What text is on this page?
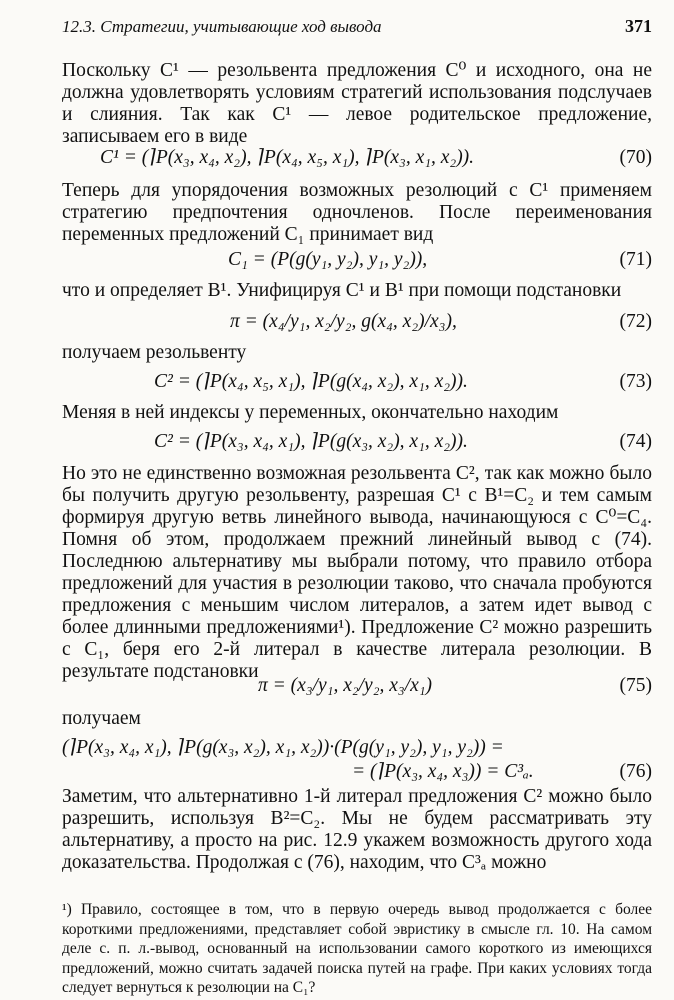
12.3. Стратегии, учитывающие ход вывода	371
Поскольку C¹ — резольвента предложения C⁰ и исходного, она не должна удовлетворять условиям стратегий использования подслучаев и слияния. Так как C¹ — левое родительское предложение, записываем его в виде
C¹ = (⌉P(x₃, x₄, x₂), ⌉P(x₄, x₅, x₁), ⌉P(x₃, x₁, x₂)).	(70)
Теперь для упорядочения возможных резолюций с C¹ применяем стратегию предпочтения одночленов. После переименования переменных предложений C₁ принимает вид
C₁ = (P(g(y₁, y₂), y₁, y₂)),	(71)
что и определяет B¹. Унифицируя C¹ и B¹ при помощи подстановки
π = (x₄/y₁, x₂/y₂, g(x₄, x₂)/x₃),	(72)
получаем резольвенту
C² = (⌉P(x₄, x₅, x₁), ⌉P(g(x₄, x₂), x₁, x₂)).	(73)
Меняя в ней индексы у переменных, окончательно находим
C² = (⌉P(x₃, x₄, x₁), ⌉P(g(x₃, x₂), x₁, x₂)).	(74)
Но это не единственно возможная резольвента C², так как можно было бы получить другую резольвенту, разрешая C¹ с B¹=C₂ и тем самым формируя другую ветвь линейного вывода, начинающуюся с C⁰=C₄. Помня об этом, продолжаем прежний линейный вывод с (74). Последнюю альтернативу мы выбрали потому, что правило отбора предложений для участия в резолюции таково, что сначала пробуются предложения с меньшим числом литералов, а затем идет вывод с более длинными предложениями¹). Предложение C² можно разрешить с C₁, беря его 2-й литерал в качестве литерала резолюции. В результате подстановки
π = (x₃/y₁, x₂/y₂, x₃/x₁)	(75)
получаем
(⌉P(x₃, x₄, x₁), ⌉P(g(x₃, x₂), x₁, x₂))·(P(g(y₁, y₂), y₁, y₂)) =
= (⌉P(x₃, x₄, x₃)) = C³ₐ.	(76)
Заметим, что альтернативно 1-й литерал предложения C² можно было разрешить, используя B²=C₂. Мы не будем рассматривать эту альтернативу, а просто на рис. 12.9 укажем возможность другого хода доказательства. Продолжая с (76), находим, что C³ₐ можно
¹) Правило, состоящее в том, что в первую очередь вывод продолжается с более короткими предложениями, представляет собой эвристику в смысле гл. 10. На самом деле с. п. л.-вывод, основанный на использовании самого короткого из имеющихся предложений, можно считать задачей поиска путей на графе. При каких условиях тогда следует вернуться к резолюции на C₁?
